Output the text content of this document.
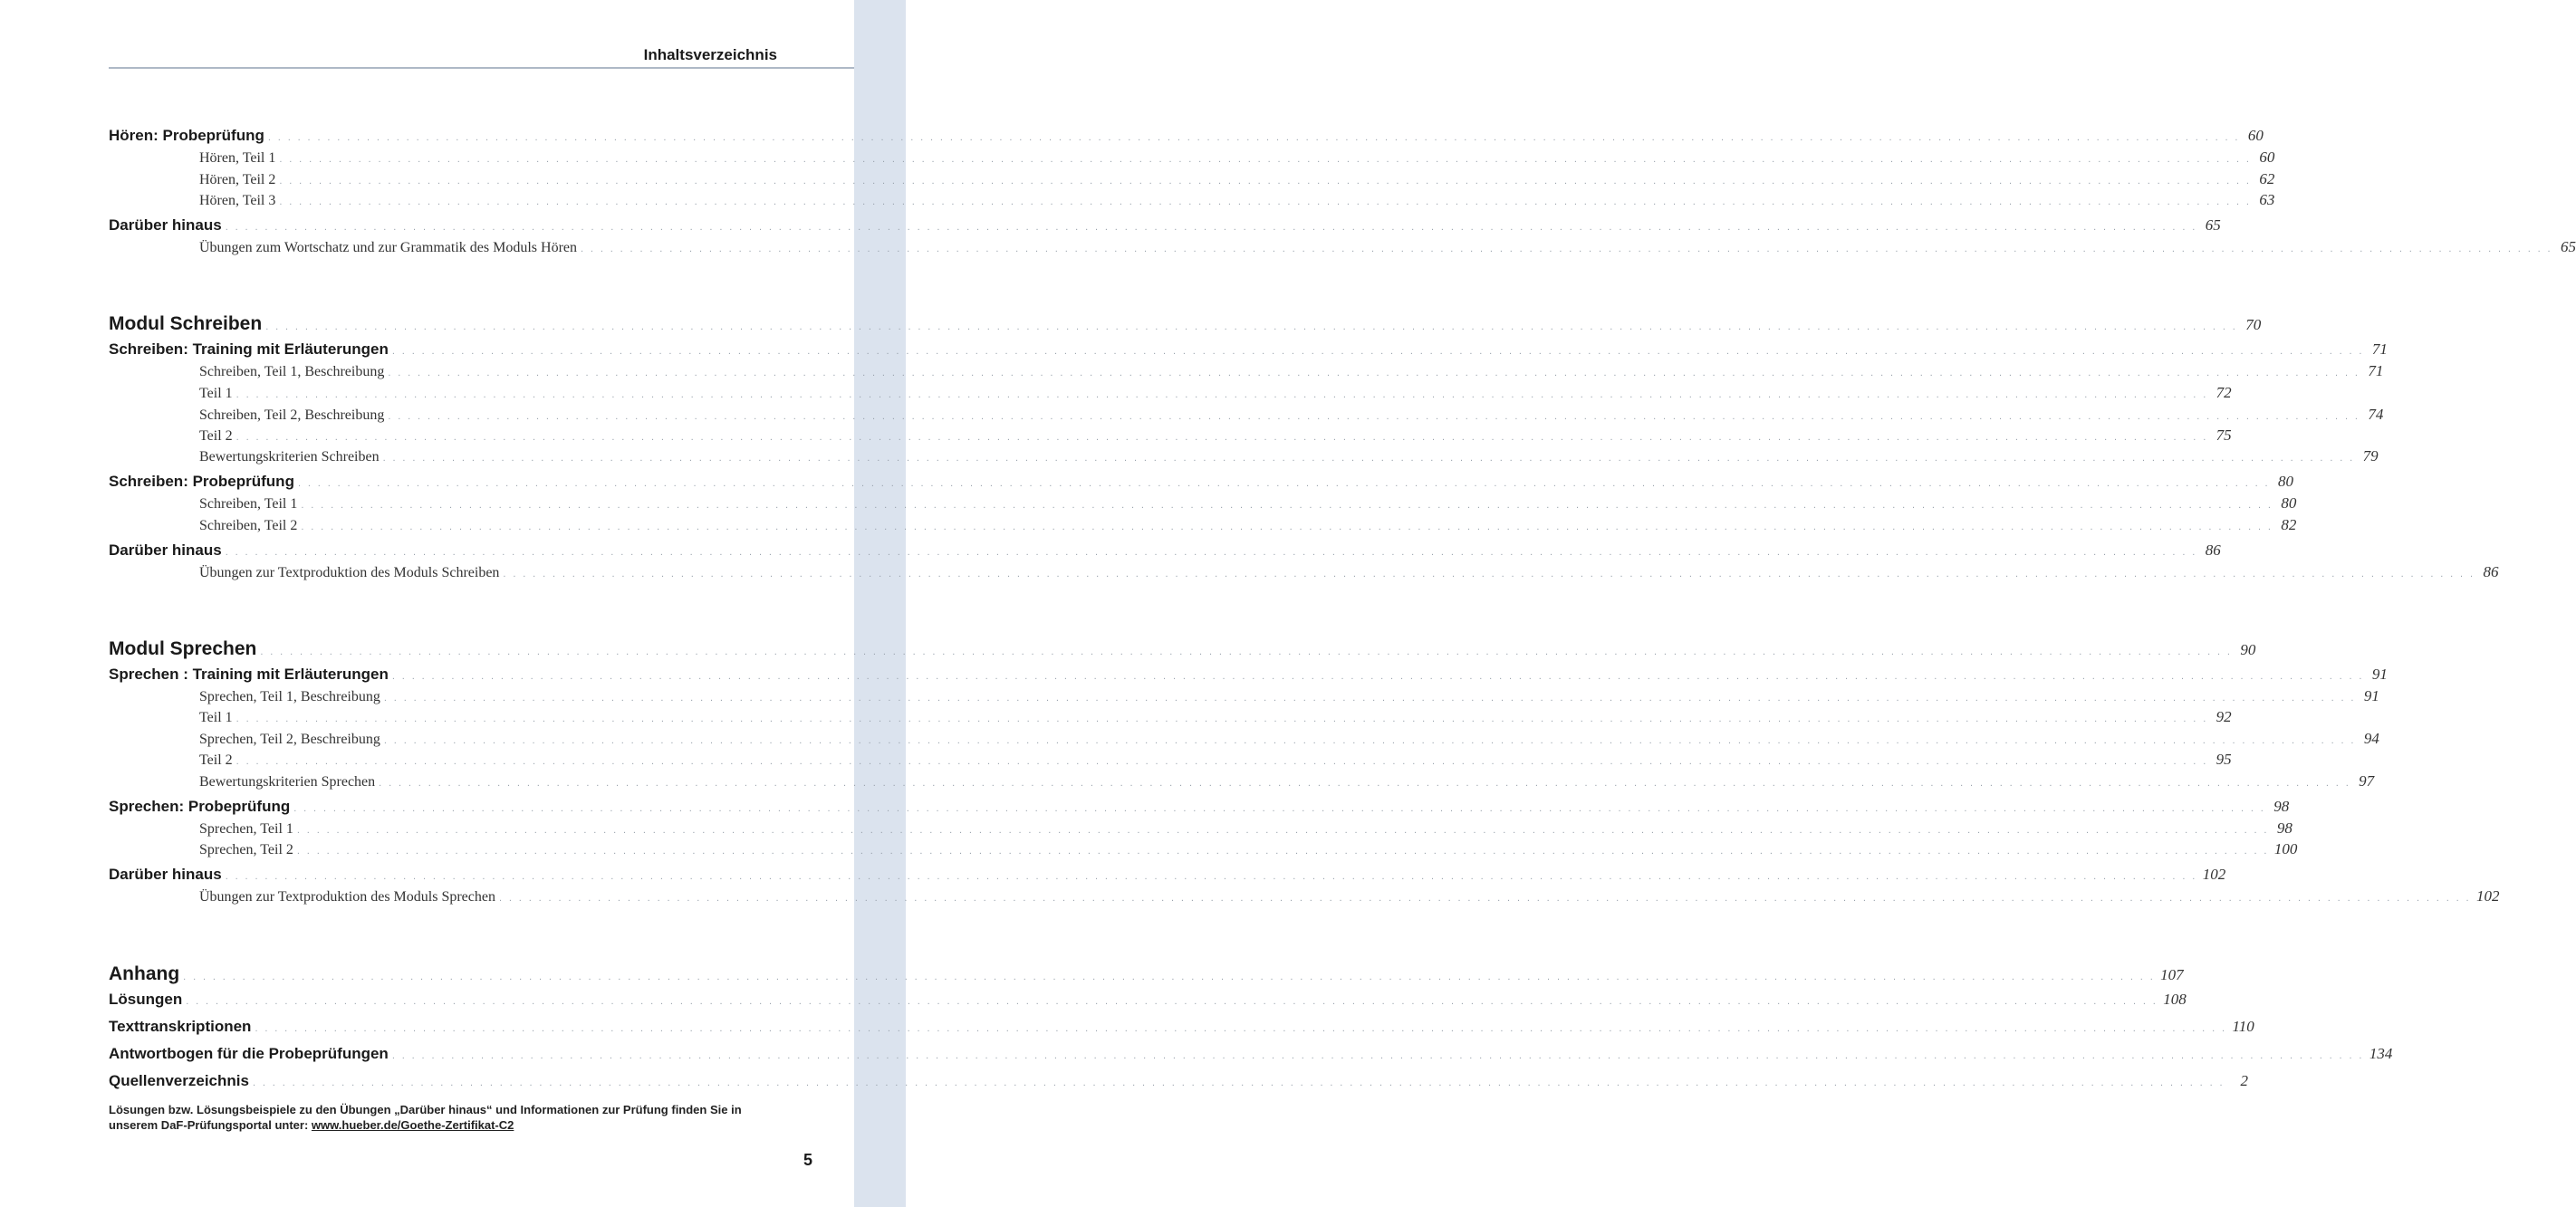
Inhaltsverzeichnis
Hören: Probeprüfung . . . . . . . . . . . . . . . . . . . . . . . . . . . . . . . . . . . . . . . . . . . . . . . . . . . . . . . . . . . . . . . . . . . . . . . . . . . . . . . . . . . . . . . . . . . . . . . . . . . . . . . . . . . . . . . . . . . . . . . . . . . . . . . . . . . . . . . . . . . . . . . . . . . . . . . . . . . . . . . . . . . . . . . . . . . . . . . . . . . . . . . . . . . . . . . . . . . . . . . . 60
Hören, Teil 1 . . . . . . . . . . . . . . . . . . . . . . . . . . . . . . . . . . . . . . . . . . . . . . . . . . . . . . . . . . . . . . . . . . . . . . . . . . . . . . . . . . . . . . . . . . . . . . . . . . . . . . . . . . . . . . . . . . . . . . . . . . . . . . . . . . . . . . . . . . . . . . . . . . . . . . . . . . . . . . . . . . . . . . . . . . . . . . . . . . . . . . . . . . . . . . . . . . . . . . . . 60
Hören, Teil 2 . . . . . . . . . . . . . . . . . . . . . . . . . . . . . . . . . . . . . . . . . . . . . . . . . . . . . . . . . . . . . . . . . . . . . . . . . . . . . . . . . . . . . . . . . . . . . . . . . . . . . . . . . . . . . . . . . . . . . . . . . . . . . . . . . . . . . . . . . . . . . . . . . . . . . . . . . . . . . . . . . . . . . . . . . . . . . . . . . . . . . . . . . . . . . . . . . . . . . . . . 62
Hören, Teil 3 . . . . . . . . . . . . . . . . . . . . . . . . . . . . . . . . . . . . . . . . . . . . . . . . . . . . . . . . . . . . . . . . . . . . . . . . . . . . . . . . . . . . . . . . . . . . . . . . . . . . . . . . . . . . . . . . . . . . . . . . . . . . . . . . . . . . . . . . . . . . . . . . . . . . . . . . . . . . . . . . . . . . . . . . . . . . . . . . . . . . . . . . . . . . . . . . . . . . . . . . 63
Darüber hinaus . . . . . . . . . . . . . . . . . . . . . . . . . . . . . . . . . . . . . . . . . . . . . . . . . . . . . . . . . . . . . . . . . . . . . . . . . . . . . . . . . . . . . . . . . . . . . . . . . . . . . . . . . . . . . . . . . . . . . . . . . . . . . . . . . . . . . . . . . . . . . . . . . . . . . . . . . . . . . . . . . . . . . . . . . . . . . . . . . . . . . . . . . . . . . . . . . . . . . . . . 65
Übungen zum Wortschatz und zur Grammatik des Moduls Hören . . . . . . . . . . . . . . . . . . . . . . . . . . . . . . . . . . . . . . . . . . . . . . . . . . . . . . . . . . . . . . . . . . . . . . . . . . . . . . . . . . . . . . . . . . . . . . . . . . . . . . . . . . . . . . . . . . . . . . . . . . . . . . . . . . . . . . . . . . . . . . . . . . . . . . . . . . . . . . . . . . . . . . . . . . . . . . . . . . . . . . . . . . . . . . . . . . . . . . . . 65
Modul Schreiben . . . . . . . . . . . . . . . . . . . . . . . . . . . . . . . . . . . . . . . . . . . . . . . . . . . . . . . . . . . . . . . . . . . . . . . . . . . . . . . . . . . . . . . . . . . . . . . . . . . . . . . . . . . . . . . . . . . . . . . . . . . . . . . . . . . . . . . . . . . . . . . . . . . . . . . . . . . . . . . . . . . . . . . . . . . . . . . . . . . . . . . . . . . . . . . . . . . . . . . . 70
Schreiben: Training mit Erläuterungen . . . . . . . . . . . . . . . . . . . . . . . . . . . . . . . . . . . . . . . . . . . . . . . . . . . . . . . . . . . . . . . . . . . . . . . . . . . . . . . . . . . . . . . . . . . . . . . . . . . . . . . . . . . . . . . . . . . . . . . . . . . . . . . . . . . . . . . . . . . . . . . . . . . . . . . . . . . . . . . . . . . . . . . . . . . . . . . . . . . . . . . . . . . . . . . . . . . . . . . . 71
Schreiben, Teil 1, Beschreibung . . . . . . . . . . . . . . . . . . . . . . . . . . . . . . . . . . . . . . . . . . . . . . . . . . . . . . . . . . . . . . . . . . . . . . . . . . . . . . . . . . . . . . . . . . . . . . . . . . . . . . . . . . . . . . . . . . . . . . . . . . . . . . . . . . . . . . . . . . . . . . . . . . . . . . . . . . . . . . . . . . . . . . . . . . . . . . . . . . . . . . . . . . . . . . . . . . . . . . . . 71
Teil 1 . . . . . . . . . . . . . . . . . . . . . . . . . . . . . . . . . . . . . . . . . . . . . . . . . . . . . . . . . . . . . . . . . . . . . . . . . . . . . . . . . . . . . . . . . . . . . . . . . . . . . . . . . . . . . . . . . . . . . . . . . . . . . . . . . . . . . . . . . . . . . . . . . . . . . . . . . . . . . . . . . . . . . . . . . . . . . . . . . . . . . . . . . . . . . . . . . . . . . . . . 72
Schreiben, Teil 2, Beschreibung . . . . . . . . . . . . . . . . . . . . . . . . . . . . . . . . . . . . . . . . . . . . . . . . . . . . . . . . . . . . . . . . . . . . . . . . . . . . . . . . . . . . . . . . . . . . . . . . . . . . . . . . . . . . . . . . . . . . . . . . . . . . . . . . . . . . . . . . . . . . . . . . . . . . . . . . . . . . . . . . . . . . . . . . . . . . . . . . . . . . . . . . . . . . . . . . . . . . . . . . 74
Teil 2 . . . . . . . . . . . . . . . . . . . . . . . . . . . . . . . . . . . . . . . . . . . . . . . . . . . . . . . . . . . . . . . . . . . . . . . . . . . . . . . . . . . . . . . . . . . . . . . . . . . . . . . . . . . . . . . . . . . . . . . . . . . . . . . . . . . . . . . . . . . . . . . . . . . . . . . . . . . . . . . . . . . . . . . . . . . . . . . . . . . . . . . . . . . . . . . . . . . . . . . . 75
Bewertungskriterien Schreiben . . . . . . . . . . . . . . . . . . . . . . . . . . . . . . . . . . . . . . . . . . . . . . . . . . . . . . . . . . . . . . . . . . . . . . . . . . . . . . . . . . . . . . . . . . . . . . . . . . . . . . . . . . . . . . . . . . . . . . . . . . . . . . . . . . . . . . . . . . . . . . . . . . . . . . . . . . . . . . . . . . . . . . . . . . . . . . . . . . . . . . . . . . . . . . . . . . . . . . . . 79
Schreiben: Probeprüfung . . . . . . . . . . . . . . . . . . . . . . . . . . . . . . . . . . . . . . . . . . . . . . . . . . . . . . . . . . . . . . . . . . . . . . . . . . . . . . . . . . . . . . . . . . . . . . . . . . . . . . . . . . . . . . . . . . . . . . . . . . . . . . . . . . . . . . . . . . . . . . . . . . . . . . . . . . . . . . . . . . . . . . . . . . . . . . . . . . . . . . . . . . . . . . . . . . . . . . . . 80
Schreiben, Teil 1 . . . . . . . . . . . . . . . . . . . . . . . . . . . . . . . . . . . . . . . . . . . . . . . . . . . . . . . . . . . . . . . . . . . . . . . . . . . . . . . . . . . . . . . . . . . . . . . . . . . . . . . . . . . . . . . . . . . . . . . . . . . . . . . . . . . . . . . . . . . . . . . . . . . . . . . . . . . . . . . . . . . . . . . . . . . . . . . . . . . . . . . . . . . . . . . . . . . . . . . . 80
Schreiben, Teil 2 . . . . . . . . . . . . . . . . . . . . . . . . . . . . . . . . . . . . . . . . . . . . . . . . . . . . . . . . . . . . . . . . . . . . . . . . . . . . . . . . . . . . . . . . . . . . . . . . . . . . . . . . . . . . . . . . . . . . . . . . . . . . . . . . . . . . . . . . . . . . . . . . . . . . . . . . . . . . . . . . . . . . . . . . . . . . . . . . . . . . . . . . . . . . . . . . . . . . . . . . 82
Darüber hinaus . . . . . . . . . . . . . . . . . . . . . . . . . . . . . . . . . . . . . . . . . . . . . . . . . . . . . . . . . . . . . . . . . . . . . . . . . . . . . . . . . . . . . . . . . . . . . . . . . . . . . . . . . . . . . . . . . . . . . . . . . . . . . . . . . . . . . . . . . . . . . . . . . . . . . . . . . . . . . . . . . . . . . . . . . . . . . . . . . . . . . . . . . . . . . . . . . . . . . . . . 86
Übungen zur Textproduktion des Moduls Schreiben . . . . . . . . . . . . . . . . . . . . . . . . . . . . . . . . . . . . . . . . . . . . . . . . . . . . . . . . . . . . . . . . . . . . . . . . . . . . . . . . . . . . . . . . . . . . . . . . . . . . . . . . . . . . . . . . . . . . . . . . . . . . . . . . . . . . . . . . . . . . . . . . . . . . . . . . . . . . . . . . . . . . . . . . . . . . . . . . . . . . . . . . . . . . . . . . . . . . . . . . 86
Modul Sprechen . . . . . . . . . . . . . . . . . . . . . . . . . . . . . . . . . . . . . . . . . . . . . . . . . . . . . . . . . . . . . . . . . . . . . . . . . . . . . . . . . . . . . . . . . . . . . . . . . . . . . . . . . . . . . . . . . . . . . . . . . . . . . . . . . . . . . . . . . . . . . . . . . . . . . . . . . . . . . . . . . . . . . . . . . . . . . . . . . . . . . . . . . . . . . . . . . . . . . . . . 90
Sprechen : Training mit Erläuterungen . . . . . . . . . . . . . . . . . . . . . . . . . . . . . . . . . . . . . . . . . . . . . . . . . . . . . . . . . . . . . . . . . . . . . . . . . . . . . . . . . . . . . . . . . . . . . . . . . . . . . . . . . . . . . . . . . . . . . . . . . . . . . . . . . . . . . . . . . . . . . . . . . . . . . . . . . . . . . . . . . . . . . . . . . . . . . . . . . . . . . . . . . . . . . . . . . . . . . . . . 91
Sprechen, Teil 1, Beschreibung . . . . . . . . . . . . . . . . . . . . . . . . . . . . . . . . . . . . . . . . . . . . . . . . . . . . . . . . . . . . . . . . . . . . . . . . . . . . . . . . . . . . . . . . . . . . . . . . . . . . . . . . . . . . . . . . . . . . . . . . . . . . . . . . . . . . . . . . . . . . . . . . . . . . . . . . . . . . . . . . . . . . . . . . . . . . . . . . . . . . . . . . . . . . . . . . . . . . . . . . 91
Teil 1 . . . . . . . . . . . . . . . . . . . . . . . . . . . . . . . . . . . . . . . . . . . . . . . . . . . . . . . . . . . . . . . . . . . . . . . . . . . . . . . . . . . . . . . . . . . . . . . . . . . . . . . . . . . . . . . . . . . . . . . . . . . . . . . . . . . . . . . . . . . . . . . . . . . . . . . . . . . . . . . . . . . . . . . . . . . . . . . . . . . . . . . . . . . . . . . . . . . . . . . . 92
Sprechen, Teil 2, Beschreibung . . . . . . . . . . . . . . . . . . . . . . . . . . . . . . . . . . . . . . . . . . . . . . . . . . . . . . . . . . . . . . . . . . . . . . . . . . . . . . . . . . . . . . . . . . . . . . . . . . . . . . . . . . . . . . . . . . . . . . . . . . . . . . . . . . . . . . . . . . . . . . . . . . . . . . . . . . . . . . . . . . . . . . . . . . . . . . . . . . . . . . . . . . . . . . . . . . . . . . . . 94
Teil 2 . . . . . . . . . . . . . . . . . . . . . . . . . . . . . . . . . . . . . . . . . . . . . . . . . . . . . . . . . . . . . . . . . . . . . . . . . . . . . . . . . . . . . . . . . . . . . . . . . . . . . . . . . . . . . . . . . . . . . . . . . . . . . . . . . . . . . . . . . . . . . . . . . . . . . . . . . . . . . . . . . . . . . . . . . . . . . . . . . . . . . . . . . . . . . . . . . . . . . . . . 95
Bewertungskriterien Sprechen . . . . . . . . . . . . . . . . . . . . . . . . . . . . . . . . . . . . . . . . . . . . . . . . . . . . . . . . . . . . . . . . . . . . . . . . . . . . . . . . . . . . . . . . . . . . . . . . . . . . . . . . . . . . . . . . . . . . . . . . . . . . . . . . . . . . . . . . . . . . . . . . . . . . . . . . . . . . . . . . . . . . . . . . . . . . . . . . . . . . . . . . . . . . . . . . . . . . . . . . 97
Sprechen: Probeprüfung . . . . . . . . . . . . . . . . . . . . . . . . . . . . . . . . . . . . . . . . . . . . . . . . . . . . . . . . . . . . . . . . . . . . . . . . . . . . . . . . . . . . . . . . . . . . . . . . . . . . . . . . . . . . . . . . . . . . . . . . . . . . . . . . . . . . . . . . . . . . . . . . . . . . . . . . . . . . . . . . . . . . . . . . . . . . . . . . . . . . . . . . . . . . . . . . . . . . . . . . 98
Sprechen, Teil 1 . . . . . . . . . . . . . . . . . . . . . . . . . . . . . . . . . . . . . . . . . . . . . . . . . . . . . . . . . . . . . . . . . . . . . . . . . . . . . . . . . . . . . . . . . . . . . . . . . . . . . . . . . . . . . . . . . . . . . . . . . . . . . . . . . . . . . . . . . . . . . . . . . . . . . . . . . . . . . . . . . . . . . . . . . . . . . . . . . . . . . . . . . . . . . . . . . . . . . . . . 98
Sprechen, Teil 2 . . . . . . . . . . . . . . . . . . . . . . . . . . . . . . . . . . . . . . . . . . . . . . . . . . . . . . . . . . . . . . . . . . . . . . . . . . . . . . . . . . . . . . . . . . . . . . . . . . . . . . . . . . . . . . . . . . . . . . . . . . . . . . . . . . . . . . . . . . . . . . . . . . . . . . . . . . . . . . . . . . . . . . . . . . . . . . . . . . . . . . . . . . . . . . . . . . . . . . . . 100
Darüber hinaus . . . . . . . . . . . . . . . . . . . . . . . . . . . . . . . . . . . . . . . . . . . . . . . . . . . . . . . . . . . . . . . . . . . . . . . . . . . . . . . . . . . . . . . . . . . . . . . . . . . . . . . . . . . . . . . . . . . . . . . . . . . . . . . . . . . . . . . . . . . . . . . . . . . . . . . . . . . . . . . . . . . . . . . . . . . . . . . . . . . . . . . . . . . . . . . . . . . . . . . . 102
Übungen zur Textproduktion des Moduls Sprechen . . . . . . . . . . . . . . . . . . . . . . . . . . . . . . . . . . . . . . . . . . . . . . . . . . . . . . . . . . . . . . . . . . . . . . . . . . . . . . . . . . . . . . . . . . . . . . . . . . . . . . . . . . . . . . . . . . . . . . . . . . . . . . . . . . . . . . . . . . . . . . . . . . . . . . . . . . . . . . . . . . . . . . . . . . . . . . . . . . . . . . . . . . . . . . . . . . . . . . . . 102
Anhang . . . . . . . . . . . . . . . . . . . . . . . . . . . . . . . . . . . . . . . . . . . . . . . . . . . . . . . . . . . . . . . . . . . . . . . . . . . . . . . . . . . . . . . . . . . . . . . . . . . . . . . . . . . . . . . . . . . . . . . . . . . . . . . . . . . . . . . . . . . . . . . . . . . . . . . . . . . . . . . . . . . . . . . . . . . . . . . . . . . . . . . . . . . . . . . . . . . . . . . . 107
Lösungen . . . . . . . . . . . . . . . . . . . . . . . . . . . . . . . . . . . . . . . . . . . . . . . . . . . . . . . . . . . . . . . . . . . . . . . . . . . . . . . . . . . . . . . . . . . . . . . . . . . . . . . . . . . . . . . . . . . . . . . . . . . . . . . . . . . . . . . . . . . . . . . . . . . . . . . . . . . . . . . . . . . . . . . . . . . . . . . . . . . . . . . . . . . . . . . . . . . . . . . . 108
Texttranskriptionen . . . . . . . . . . . . . . . . . . . . . . . . . . . . . . . . . . . . . . . . . . . . . . . . . . . . . . . . . . . . . . . . . . . . . . . . . . . . . . . . . . . . . . . . . . . . . . . . . . . . . . . . . . . . . . . . . . . . . . . . . . . . . . . . . . . . . . . . . . . . . . . . . . . . . . . . . . . . . . . . . . . . . . . . . . . . . . . . . . . . . . . . . . . . . . . . . . . . . . . . 110
Antwortbogen für die Probeprüfungen . . . . . . . . . . . . . . . . . . . . . . . . . . . . . . . . . . . . . . . . . . . . . . . . . . . . . . . . . . . . . . . . . . . . . . . . . . . . . . . . . . . . . . . . . . . . . . . . . . . . . . . . . . . . . . . . . . . . . . . . . . . . . . . . . . . . . . . . . . . . . . . . . . . . . . . . . . . . . . . . . . . . . . . . . . . . . . . . . . . . . . . . . . . . . . . . . . . . . . . . 134
Quellenverzeichnis . . . . . . . . . . . . . . . . . . . . . . . . . . . . . . . . . . . . . . . . . . . . . . . . . . . . . . . . . . . . . . . . . . . . . . . . . . . . . . . . . . . . . . . . . . . . . . . . . . . . . . . . . . . . . . . . . . . . . . . . . . . . . . . . . . . . . . . . . . . . . . . . . . . . . . . . . . . . . . . . . . . . . . . . . . . . . . . . . . . . . . . . . . . . . . . . . . . . . . . .	2
Lösungen bzw. Lösungsbeispiele zu den Übungen „Darüber hinaus“ und Informationen zur Prüfung finden Sie in
unserem DaF-Prüfungsportal unter: www.hueber.de/Goethe-Zertifikat-C2
5
